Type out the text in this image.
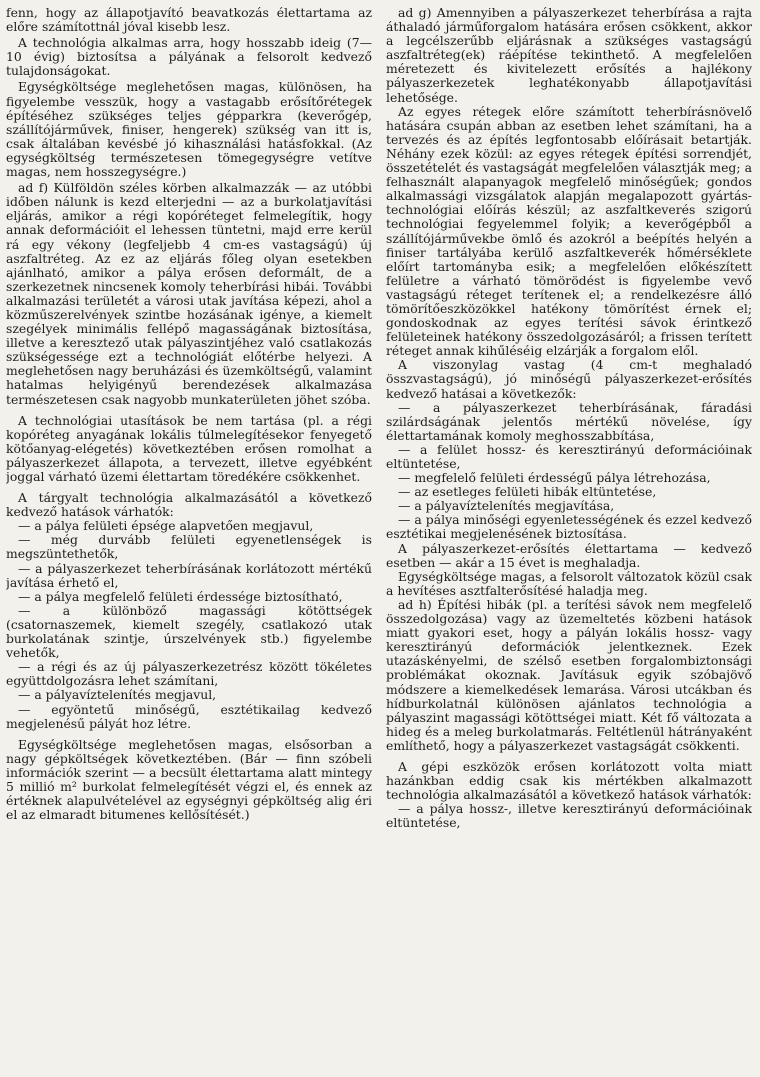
fenn, hogy az állapotjavító beavatkozás élettartama az előre számítottnál jóval kisebb lesz.

A technológia alkalmas arra, hogy hosszabb ideig (7—10 évig) biztosítsa a pályának a felsorolt kedvező tulajdonságokat.

Egységköltsége meglehetősen magas, különösen, ha figyelembe vesszük, hogy a vastagabb erősítőrétegek építéséhez szükséges teljes gépparkra (keverőgép, szállítójárművek, finiser, hengerek) szükség van itt is, csak általában kevésbé jó kihasználási hatásfokkal. (Az egységköltség természetesen tömegegységre vetítve magas, nem hosszegységre.)

ad f) Külföldön széles körben alkalmazzák — az utóbbi időben nálunk is kezd elterjedni — az a burkolatjavítási eljárás, amikor a régi kopóréteget felmelegítik, hogy annak deformációit el lehessen tüntetni, majd erre kerül rá egy vékony (legfeljebb 4 cm-es vastagságú) új aszfaltréteg. Az ez az eljárás főleg olyan esetekben ajánlható, amikor a pálya erősen deformált, de a szerkezetnek nincsenek komoly teherbírási hibái. További alkalmazási területét a városi utak javítása képezi, ahol a közműszerelvények szintbe hozásának igénye, a kiemelt szegélyek minimális fellépő magasságának biztosítása, illetve a keresztező utak pályaszintjéhez való csatlakozás szükségessége ezt a technológiát előtérbe helyezi. A meglehetősen nagy beruházási és üzemköltségű, valamint hatalmas helyigényű berendezések alkalmazása természetesen csak nagyobb munkaterületen jöhet szóba.

A technológiai utasítások be nem tartása (pl. a régi kopóréteg anyagának lokális túlmelegítésekor fenyegető kötőanyag-elégetés) következtében erősen romolhat a pályaszerkezet állapota, a tervezett, illetve egyébként joggal várható üzemi élettartam töredékére csökkenhet.

A tárgyalt technológia alkalmazásától a következő kedvező hatások várhatók:

— a pálya felületi épsége alapvetően megjavul,

— még durvább felületi egyenetlenségek is megszüntethetők,

— a pályaszerkezet teherbírásának korlátozott mértékű javítása érhető el,

— a pálya megfelelő felületi érdessége biztosítható,

— a különböző magassági kötöttségek (csatornaszemek, kiemelt szegély, csatlakozó utak burkolatának szintje, úrszelvények stb.) figyelembe vehetők,

— a régi és az új pályaszerkezetrész között tökéletes együttdolgozásra lehet számítani,

— a pályavíztelenítés megjavul,

— egyöntetű minőségű, esztétikailag kedvező megjelenésű pályát hoz létre.

Egységköltsége meglehetősen magas, elsősorban a nagy gépköltségek következtében. (Bár — finn szóbeli információk szerint — a becsült élettartama alatt mintegy 5 millió m² burkolat felmelegítését végzi el, és ennek az értéknek alapulvételével az egységnyi gépköltség alig éri el az elmaradt bitumenes kellősítését.)

ad g) Amennyiben a pályaszerkezet teherbírása a rajta áthaladó járműforgalom hatására erősen csökkent, akkor a legcélszerűbb eljárásnak a szükséges vastagságú aszfaltréteg(ek) ráépítése tekinthető. A megfelelően méretezett és kivitelezett erősítés a hajlékony pályaszerkezetek leghatékonyabb állapotjavítási lehetősége.

Az egyes rétegek előre számított teherbírásnövelő hatására csupán abban az esetben lehet számítani, ha a tervezés és az építés legfontosabb előírásait betartják. Néhány ezek közül: az egyes rétegek építési sorrendjét, összetételét és vastagságát megfelelően választják meg; a felhasznált alapanyagok megfelelő minőségűek; gondos alkalmassági vizsgálatok alapján megalapozott gyártás-technológiai előírás készül; az aszfaltkeverés szigorú technológiai fegyelemmel folyik; a keverőgépből a szállítójárművekbe ömlő és azokról a beépítés helyén a finiser tartályába kerülő aszfaltkeverék hőmérséklete előírt tartományba esik; a megfelelően előkészített felületre a várható tömörödést is figyelembe vevő vastagságú réteget terítenek el; a rendelkezésre álló tömörítőeszközökkel hatékony tömörítést érnek el; gondoskodnak az egyes terítési sávok érintkező felületeinek hatékony összedolgozásáról; a frissen terített réteget annak kihűléséig elzárják a forgalom elől.

A viszonylag vastag (4 cm-t meghaladó összvastagságú), jó minőségű pályaszerkezet-erősítés kedvező hatásai a következők:

— a pályaszerkezet teherbírásának, fáradási szilárdságának jelentős mértékű növelése, így élettartamának komoly meghosszabbítása,

— a felület hossz- és keresztirányú deformációinak eltüntetése,

— megfelelő felületi érdességű pálya létrehozása,

— az esetleges felületi hibák eltüntetése,

— a pályavíztelenítés megjavítása,

— a pálya minőségi egyenletességének és ezzel kedvező esztétikai megjelenésének biztosítása.

A pályaszerkezet-erősítés élettartama — kedvező esetben — akár a 15 évet is meghaladja.

Egységköltsége magas, a felsorolt változatok közül csak a hevítéses asztfalterősítésé haladja meg.

ad h) Építési hibák (pl. a terítési sávok nem megfelelő összedolgozása) vagy az üzemeltetés közbeni hatások miatt gyakori eset, hogy a pályán lokális hossz- vagy keresztirányú deformációk jelentkeznek. Ezek utazáskényelmi, de szélső esetben forgalombiztonsági problémákat okoznak. Javításuk egyik szóbajövő módszere a kiemelkedések lemarása. Városi utcákban és hídburkolatnál különösen ajánlatos technológia a pályaszint magassági kötöttségei miatt. Két fő változata a hideg és a meleg burkolatmarás. Feltétlenül hátrányaként említhető, hogy a pályaszerkezet vastagságát csökkenti.

A gépi eszközök erősen korlátozott volta miatt hazánkban eddig csak kis mértékben alkalmazott technológia alkalmazásától a következő hatások várhatók:

— a pálya hossz-, illetve keresztirányú deformációinak eltüntetése,
